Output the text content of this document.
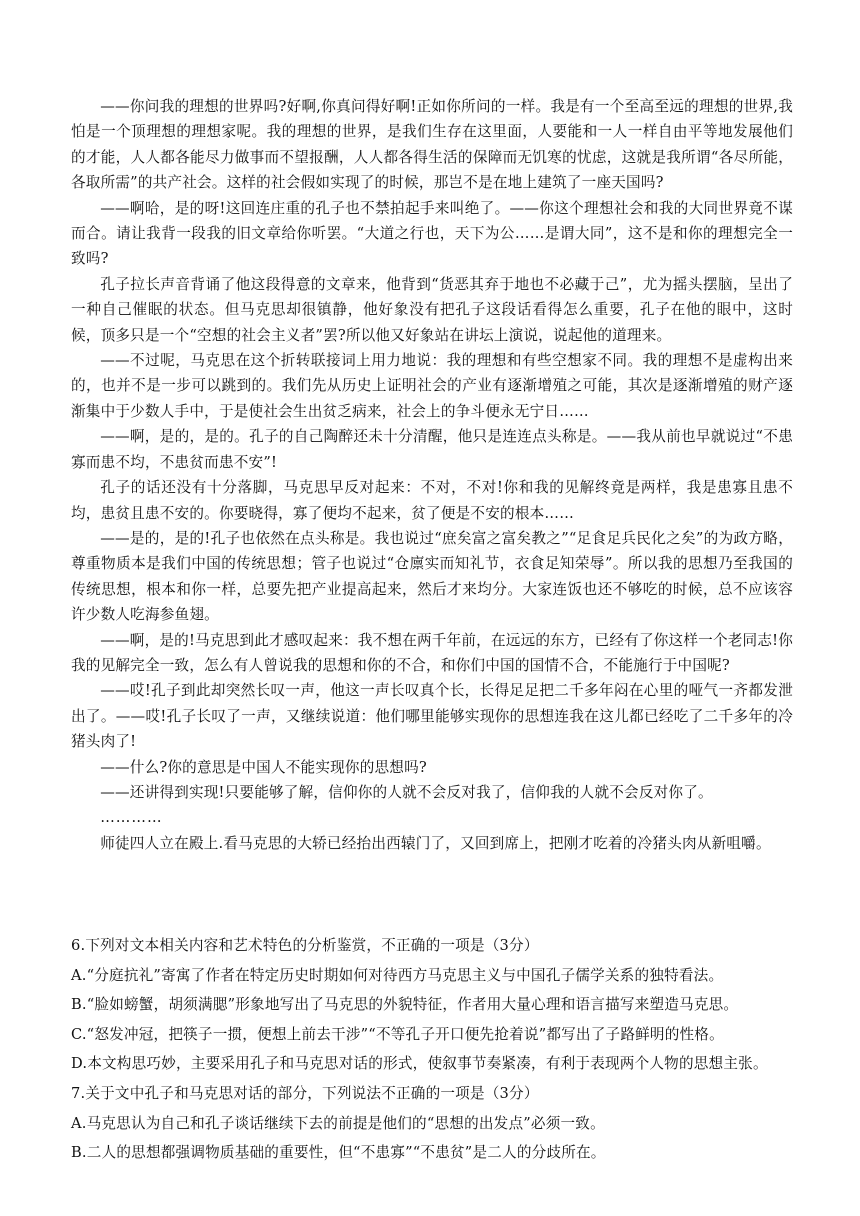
——你问我的理想的世界吗?好啊,你真问得好啊!正如你所问的一样。我是有一个至高至远的理想的世界,我怕是一个顶理想的理想家呢。我的理想的世界，是我们生存在这里面，人要能和一人一样自由平等地发展他们的才能，人人都各能尽力做事而不望报酬，人人都各得生活的保障而无饥寒的忧虑，这就是我所谓“各尽所能，各取所需”的共产社会。这样的社会假如实现了的时候，那岂不是在地上建筑了一座天国吗?

——啊哈，是的呀!这回连庄重的孔子也不禁拍起手来叫绝了。——你这个理想社会和我的大同世界竟不谋而合。请让我背一段我的旧文章给你听罢。“大道之行也，天下为公……是谓大同”，这不是和你的理想完全一致吗?

孔子拉长声音背诵了他这段得意的文章来，他背到“货恶其弃于地也不必藏于己”，尤为摇头摆脑，呈出了一种自己催眠的状态。但马克思却很镇静，他好象没有把孔子这段话看得怎么重要，孔子在他的眼中，这时候，顶多只是一个“空想的社会主义者”罢?所以他又好象站在讲坛上演说，说起他的道理来。

——不过呢，马克思在这个折转联接词上用力地说：我的理想和有些空想家不同。我的理想不是虚构出来的，也并不是一步可以跳到的。我们先从历史上证明社会的产业有逐渐增殖之可能，其次是逐渐增殖的财产逐渐集中于少数人手中，于是使社会生出贫乏病来，社会上的争斗便永无宁日……

——啊，是的，是的。孔子的自己陶醉还未十分清醒，他只是连连点头称是。——我从前也早就说过“不患寡而患不均，不患贫而患不安”!

孔子的话还没有十分落脚，马克思早反对起来：不对，不对!你和我的见解终竟是两样，我是患寡且患不均，患贫且患不安的。你要晓得，寡了便均不起来，贫了便是不安的根本……

——是的，是的!孔子也依然在点头称是。我也说过“庶矣富之富矣教之”“足食足兵民化之矣”的为政方略，尊重物质本是我们中国的传统思想；管子也说过“仓廪实而知礼节，衣食足知荣辱”。所以我的思想乃至我国的传统思想，根本和你一样，总要先把产业提高起来，然后才来均分。大家连饭也还不够吃的时候，总不应该容许少数人吃海参鱼翅。

——啊，是的!马克思到此才感叹起来：我不想在两千年前，在远远的东方，已经有了你这样一个老同志!你我的见解完全一致，怎么有人曾说我的思想和你的不合，和你们中国的国情不合，不能施行于中国呢?

——哎!孔子到此却突然长叹一声，他这一声长叹真个长，长得足足把二千多年闷在心里的哑气一齐都发泄出了。——哎!孔子长叹了一声，又继续说道：他们哪里能够实现你的思想连我在这儿都已经吃了二千多年的冷猪头肉了!

——什么?你的意思是中国人不能实现你的思想吗?

——还讲得到实现!只要能够了解，信仰你的人就不会反对我了，信仰我的人就不会反对你了。

…………

师徒四人立在殿上.看马克思的大轿已经抬出西辕门了，又回到席上，把刚才吃着的冷猪头肉从新咀嚼。

6.下列对文本相关内容和艺术特色的分析鉴赏，不正确的一项是（3分）

A.“分庭抗礼”寄寓了作者在特定历史时期如何对待西方马克思主义与中国孔子儒学关系的独特看法。

B.“脸如螃蟹，胡须满腮”形象地写出了马克思的外貌特征，作者用大量心理和语言描写来塑造马克思。

C.“怒发冲冠，把筷子一掼，便想上前去干涉”“不等孔子开口便先抢着说”都写出了子路鲜明的性格。

D.本文构思巧妙，主要采用孔子和马克思对话的形式，使叙事节奏紧凑，有利于表现两个人物的思想主张。

7.关于文中孔子和马克思对话的部分，下列说法不正确的一项是（3分）

A.马克思认为自己和孔子谈话继续下去的前提是他们的“思想的出发点”必须一致。

B.二人的思想都强调物质基础的重要性，但“不患寡”“不患贫”是二人的分歧所在。
